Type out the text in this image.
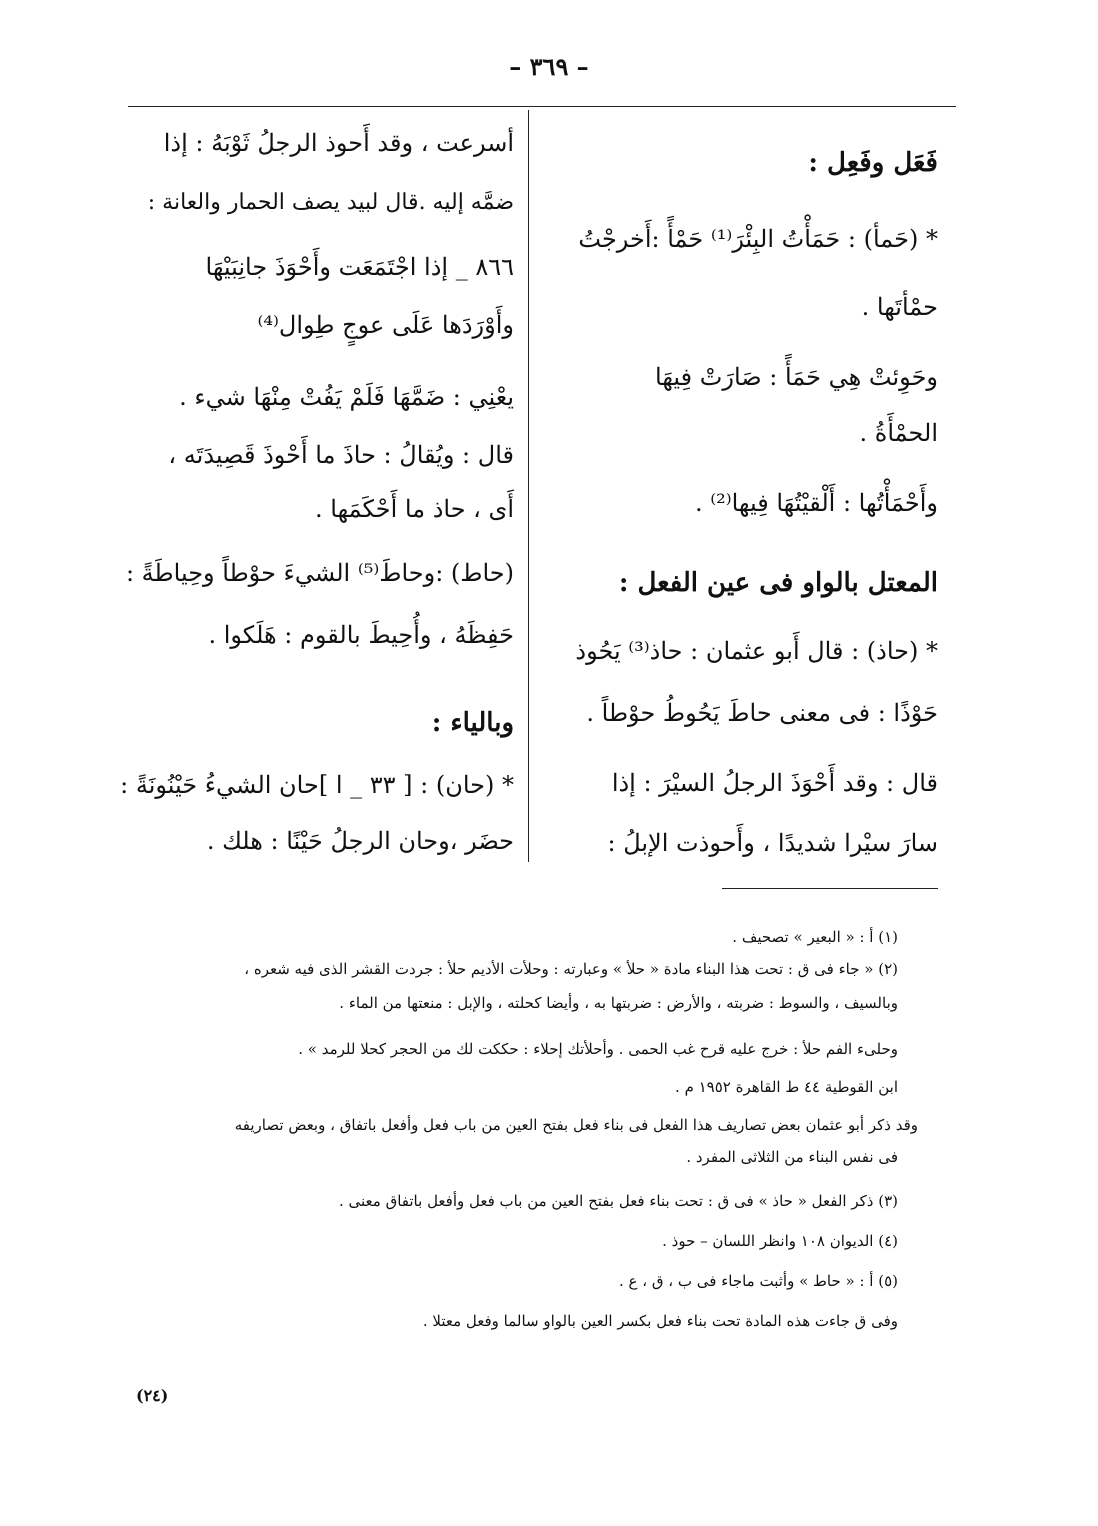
– ٣٦٩ –
فَعَل وفَعِل :
* (حَمأ) : حَمَأْتُ البِئْرَ⁽¹⁾ حَمْأً :أَخرجْتُ
حمْأتَها .
وحَوِئتْ هِي حَمَأً : صَارَتْ فِيهَا
الحمْأَةُ .
وأَحْمَأْتُها : أَلْقيْتُهَا فِيها⁽²⁾ .
المعتل بالواو فى عين الفعل :
* (حاذ) : قال أَبو عثمان : حاذ⁽³⁾ يَحُوذ
حَوْذًا : فى معنى حاطَ يَحُوطُ حوْطاً .
قال : وقد أَحْوَذَ الرجلُ السيْرَ : إذا
سارَ سيْرا شديدًا ، وأَحوذت الإبلُ :
أسرعت ، وقد أَحوذ الرجلُ ثَوْبَهُ : إذا
ضمَّه إليه .قال لبيد يصف الحمار والعانة :
٨٦٦ _ إذا اجْتَمَعَت وأَحْوَذَ جانِبَيْهَا
وأَوْرَدَها عَلَى عوجٍ طِوال⁽⁴⁾
يعْنِي : ضَمَّهَا فَلَمْ يَفُتْ مِنْهَا شيء .
قال : ويُقالُ : حاذَ ما أَحْوذَ قَصِيدَتَه ،
أَى ، حاذ ما أَحْكَمَها .
(حاط) :وحاطَ⁽⁵⁾ الشيءَ حوْطاً وحِياطَةً :
حَفِظَهُ ، وأُحِيطَ بالقوم : هَلَكوا .
وبالياء :
* (حان) : [ ٣٣ _ ا ]حان الشيءُ حَيْنُونَةً :
حضَر ،وحان الرجلُ حَيْنًا : هلك .
(١) أ : « البعير » تصحيف .
(٢) « جاء فى ق : تحت هذا البناء مادة « حلأ » وعبارته : وحلأت الأديم حلأ : جردت القشر الذى فيه شعره ،
وبالسيف ، والسوط : ضربته ، والأرض : ضربتها به ، وأيضا كحلته ، والإبل : منعتها من الماء .
وحلىء الفم حلأ : خرج عليه قرح غب الحمى . وأحلأتك إحلاء : حككت لك من الحجر كحلا للرمد » .
ابن القوطية ٤٤ ط القاهرة ١٩٥٢ م .
وقد ذكر أبو عثمان بعض تصاريف هذا الفعل فى بناء فعل بفتح العين من باب فعل وأفعل باتفاق ، وبعض تصاريفه
فى نفس البناء من الثلاثى المفرد .
(٣) ذكر الفعل « حاذ » فى ق : تحت بناء فعل بفتح العين من باب فعل وأفعل باتفاق معنى .
(٤) الديوان ١٠٨ وانظر اللسان – حوذ .
(٥) أ : « حاط » وأثبت ماجاء فى ب ، ق ، ع .
وفى ق جاءت هذه المادة تحت بناء فعل بكسر العين بالواو سالما وفعل معتلا .
(٢٤)
